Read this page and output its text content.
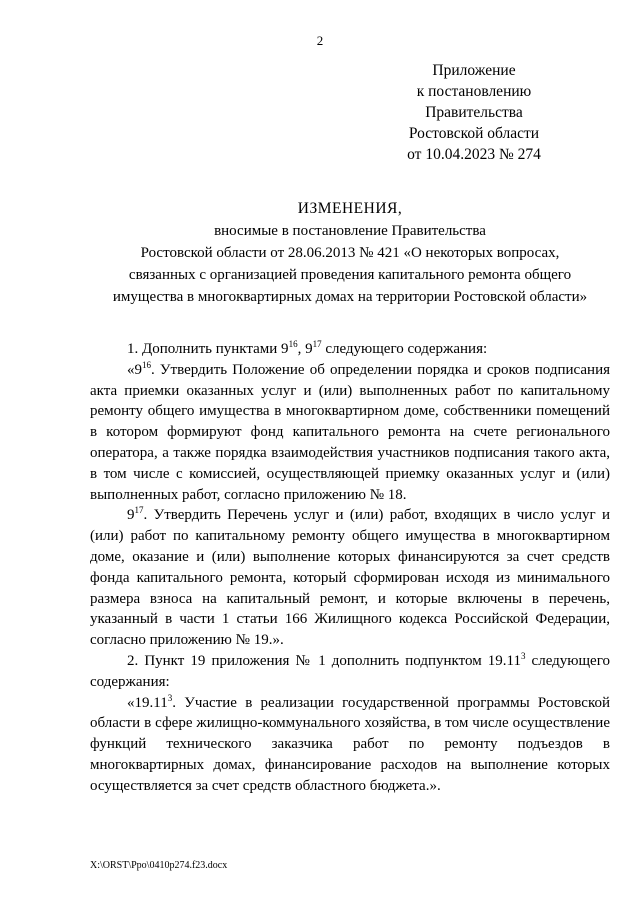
2
Приложение
к постановлению
Правительства
Ростовской области
от 10.04.2023 № 274
ИЗМЕНЕНИЯ,
вносимые в постановление Правительства
Ростовской области от 28.06.2013 № 421 «О некоторых вопросах,
связанных с организацией проведения капитального ремонта общего
имущества в многоквартирных домах на территории Ростовской области»

1. Дополнить пунктами $9^{16}$, $9^{17}$ следующего содержания:

«$9^{16}$. Утвердить Положение об определении порядка и сроков подписания акта приемки оказанных услуг и (или) выполненных работ по капитальному ремонту общего имущества в многоквартирном доме, собственники помещений в котором формируют фонд капитального ремонта на счете регионального оператора, а также порядка взаимодействия участников подписания такого акта, в том числе с комиссией, осуществляющей приемку оказанных услуг и (или) выполненных работ, согласно приложению № 18.

$9^{17}$. Утвердить Перечень услуг и (или) работ, входящих в число услуг и (или) работ по капитальному ремонту общего имущества в многоквартирном доме, оказание и (или) выполнение которых финансируются за счет средств фонда капитального ремонта, который сформирован исходя из минимального размера взноса на капитальный ремонт, и которые включены в перечень, указанный в части 1 статьи 166 Жилищного кодекса Российской Федерации, согласно приложению № 19.».

2. Пункт 19 приложения № 1 дополнить подпунктом 19.11$^3$ следующего содержания:

«19.11$^3$. Участие в реализации государственной программы Ростовской области в сфере жилищно-коммунального хозяйства, в том числе осуществление функций технического заказчика работ по ремонту подъездов в многоквартирных домах, финансирование расходов на выполнение которых осуществляется за счет средств областного бюджета.».

X:\ORST\Ppo\0410p274.f23.docx
